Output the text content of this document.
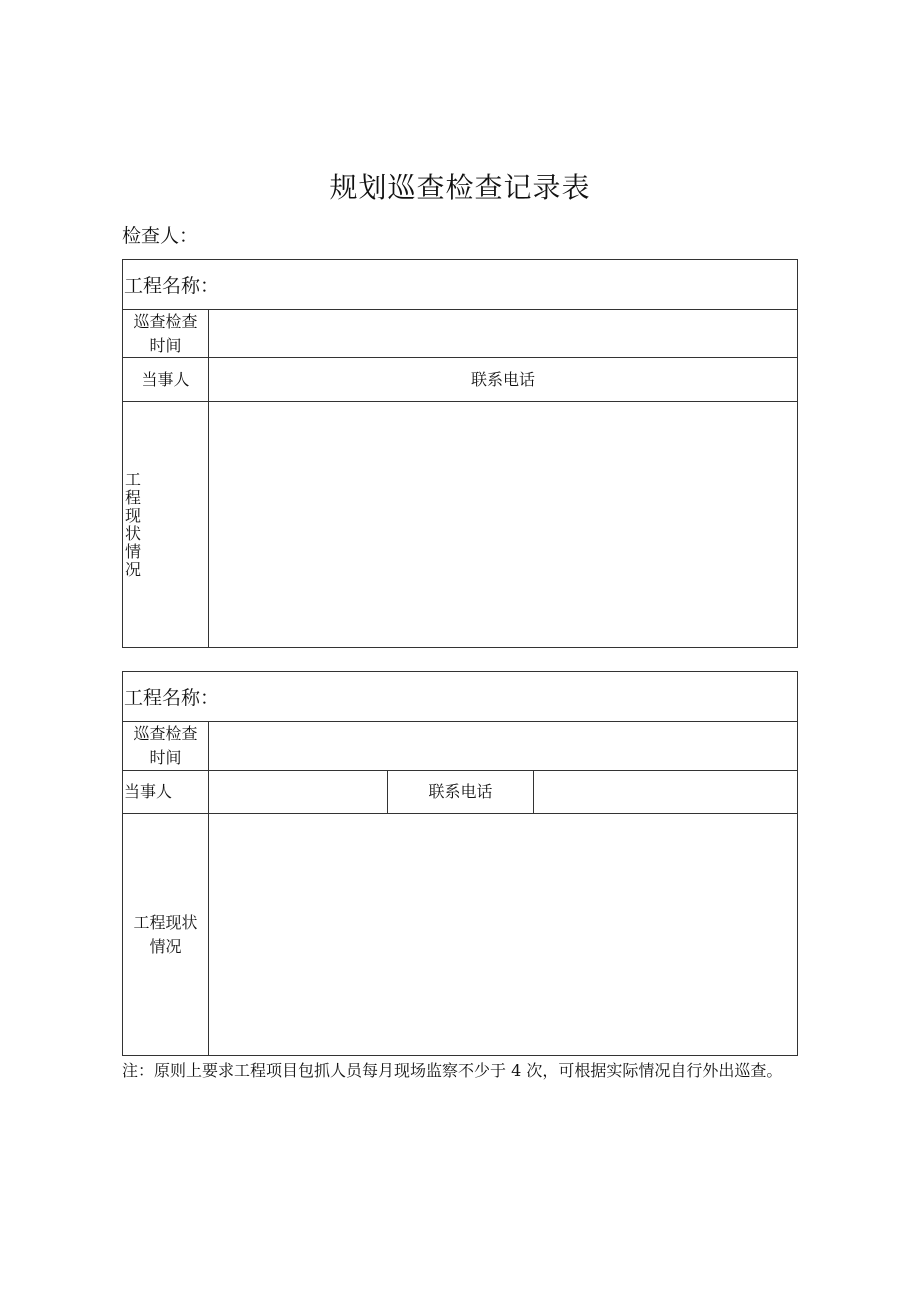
规划巡查检查记录表
检查人：
工程名称：
巡查检查
时间
当事人	联系电话
工
程
现
状
情
况
工程名称：
巡查检查
时间
当事人	联系电话
工程现状
情况
注：原则上要求工程项目包抓人员每月现场监察不少于 4 次，可根据实际情况自行外出巡查。
